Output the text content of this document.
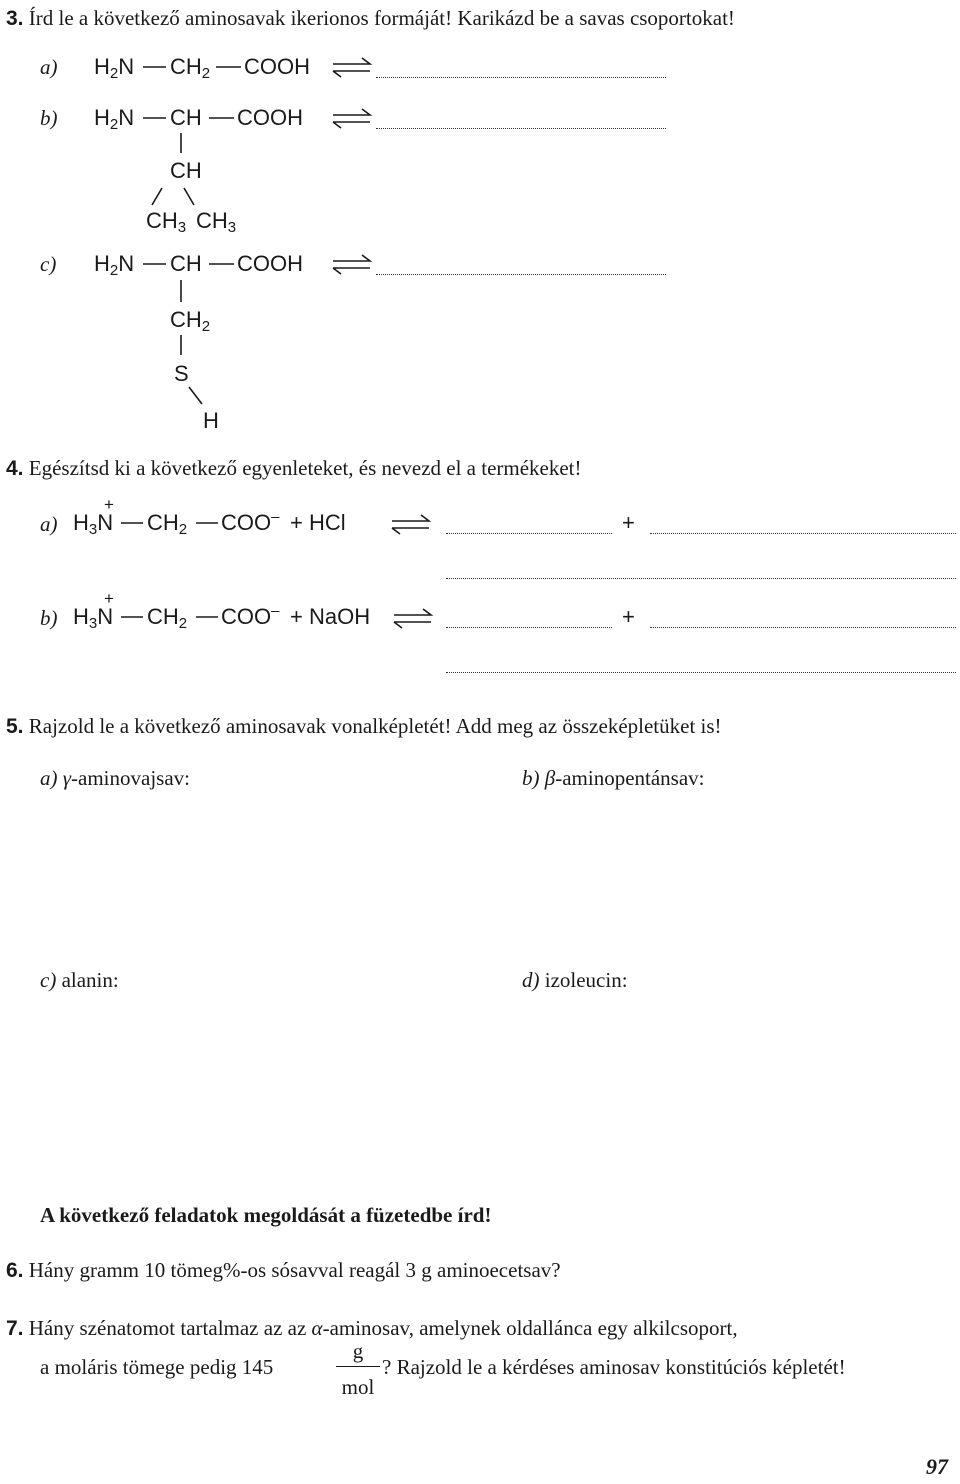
3. Írd le a következő aminosavak ikerionos formáját! Karikázd be a savas csoportokat!
a) $H_2N$ $CH_2$ COOH
b) $H_2N$ CH COOH
CH
$CH_3$ $CH_3$
c) $H_2N$ CH COOH
$CH_2$
S
H
4. Egészítsd ki a következő egyenleteket, és nevezd el a termékeket!
a)
+
$H_3N$ $CH_2$ COO– + HCl	+
b)
+
$H_3N$ $CH_2$ COO– + NaOH	+
5. Rajzold le a következő aminosavak vonalképletét! Add meg az összeképletüket is!
a) γ-aminovajsav:	b) β-aminopentánsav:
c) alanin:	d) izoleucin:
A következő feladatok megoldását a füzetedbe írd!
6. Hány gramm 10 tömeg%-os sósavval reagál 3 g aminoecetsav?
7. Hány szénatomot tartalmaz az az α-aminosav, amelynek oldallánca egy alkilcsoport,
a moláris tömege pedig 145
g
mol
? Rajzold le a kérdéses aminosav konstitúciós képletét!
97
